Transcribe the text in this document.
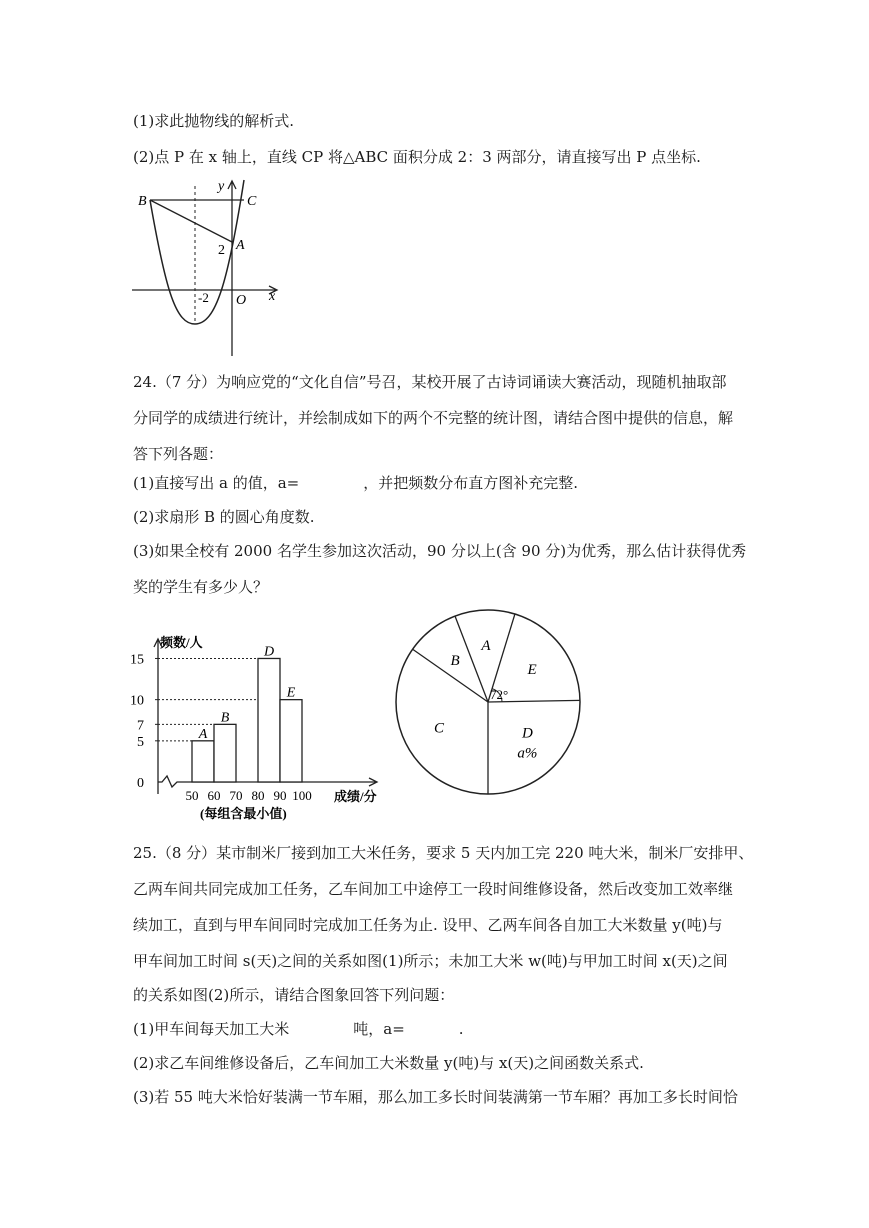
(1)求此抛物线的解析式.
(2)点 P 在 x 轴上，直线 CP 将△ABC 面积分成 2：3 两部分，请直接写出 P 点坐标.
B	C
y
A
2
-2 O x
24.（7 分）为响应党的“文化自信”号召，某校开展了古诗词诵读大赛活动，现随机抽取部
分同学的成绩进行统计，并绘制成如下的两个不完整的统计图，请结合图中提供的信息，解
答下列各题：
(1)直接写出 a 的值，a=	，并把频数分布直方图补充完整.
(2)求扇形 B 的圆心角度数.
(3)如果全校有 2000 名学生参加这次活动，90 分以上(含 90 分)为优秀，那么估计获得优秀
奖的学生有多少人？
0
5
7
10
15
A
B
D
E
50 60 70 80 90 100
频数/人
成绩/分
(每组含最小值)
A
E
D
C
B
a%
72°
25.（8 分）某市制米厂接到加工大米任务，要求 5 天内加工完 220 吨大米，制米厂安排甲、
乙两车间共同完成加工任务，乙车间加工中途停工一段时间维修设备，然后改变加工效率继
续加工，直到与甲车间同时完成加工任务为止. 设甲、乙两车间各自加工大米数量 y(吨)与
甲车间加工时间 s(天)之间的关系如图(1)所示；未加工大米 w(吨)与甲加工时间 x(天)之间
的关系如图(2)所示，请结合图象回答下列问题：
(1)甲车间每天加工大米	吨，a=	.
(2)求乙车间维修设备后，乙车间加工大米数量 y(吨)与 x(天)之间函数关系式.
(3)若 55 吨大米恰好装满一节车厢，那么加工多长时间装满第一节车厢？再加工多长时间恰
